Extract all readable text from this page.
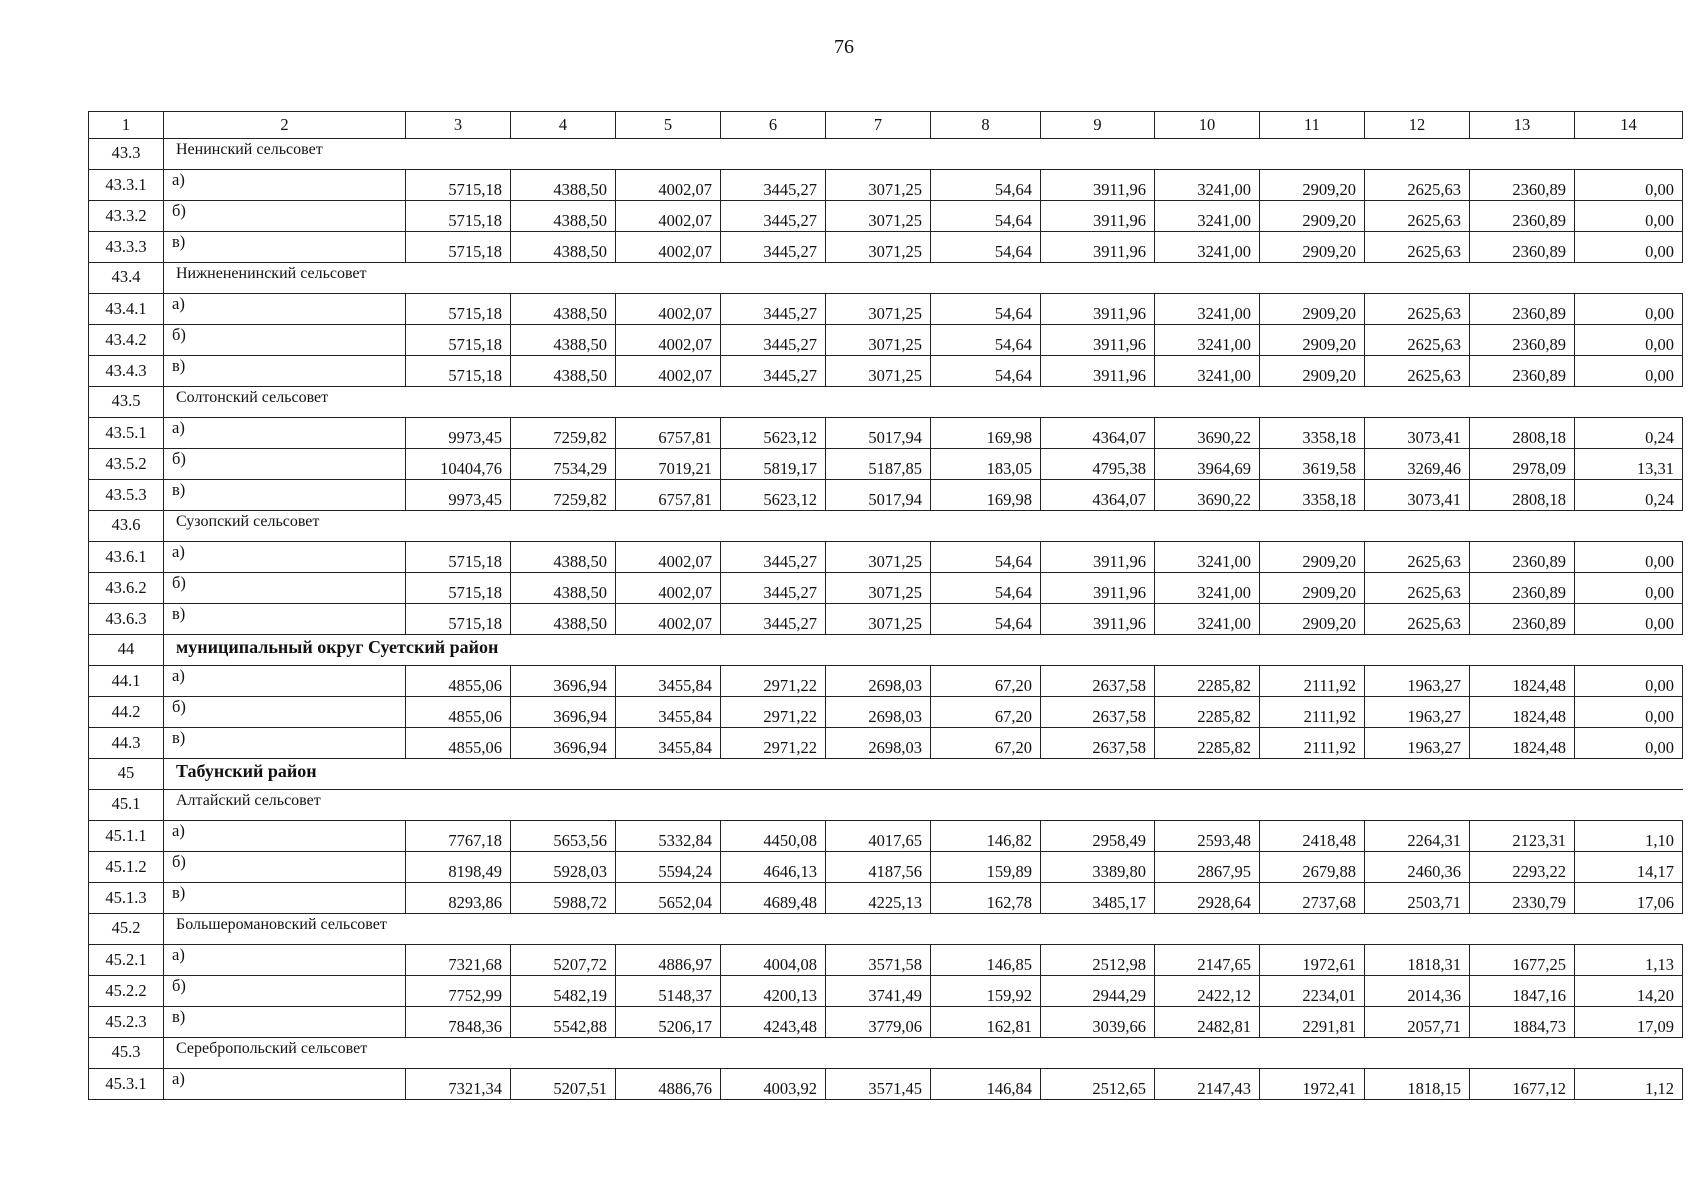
76
1	2	3	4	5	6	7	8	9	10	11	12	13	14
43.3	Ненинский сельсовет												
43.3.1	а)	5715,18	4388,50	4002,07	3445,27	3071,25	54,64	3911,96	3241,00	2909,20	2625,63	2360,89	0,00
43.3.2	б)	5715,18	4388,50	4002,07	3445,27	3071,25	54,64	3911,96	3241,00	2909,20	2625,63	2360,89	0,00
43.3.3	в)	5715,18	4388,50	4002,07	3445,27	3071,25	54,64	3911,96	3241,00	2909,20	2625,63	2360,89	0,00
43.4	Нижнененинский сельсовет												
43.4.1	а)	5715,18	4388,50	4002,07	3445,27	3071,25	54,64	3911,96	3241,00	2909,20	2625,63	2360,89	0,00
43.4.2	б)	5715,18	4388,50	4002,07	3445,27	3071,25	54,64	3911,96	3241,00	2909,20	2625,63	2360,89	0,00
43.4.3	в)	5715,18	4388,50	4002,07	3445,27	3071,25	54,64	3911,96	3241,00	2909,20	2625,63	2360,89	0,00
43.5	Солтонский сельсовет												
43.5.1	а)	9973,45	7259,82	6757,81	5623,12	5017,94	169,98	4364,07	3690,22	3358,18	3073,41	2808,18	0,24
43.5.2	б)	10404,76	7534,29	7019,21	5819,17	5187,85	183,05	4795,38	3964,69	3619,58	3269,46	2978,09	13,31
43.5.3	в)	9973,45	7259,82	6757,81	5623,12	5017,94	169,98	4364,07	3690,22	3358,18	3073,41	2808,18	0,24
43.6	Сузопский сельсовет												
43.6.1	а)	5715,18	4388,50	4002,07	3445,27	3071,25	54,64	3911,96	3241,00	2909,20	2625,63	2360,89	0,00
43.6.2	б)	5715,18	4388,50	4002,07	3445,27	3071,25	54,64	3911,96	3241,00	2909,20	2625,63	2360,89	0,00
43.6.3	в)	5715,18	4388,50	4002,07	3445,27	3071,25	54,64	3911,96	3241,00	2909,20	2625,63	2360,89	0,00
44	муниципальный округ Суетский район												
44.1	а)	4855,06	3696,94	3455,84	2971,22	2698,03	67,20	2637,58	2285,82	2111,92	1963,27	1824,48	0,00
44.2	б)	4855,06	3696,94	3455,84	2971,22	2698,03	67,20	2637,58	2285,82	2111,92	1963,27	1824,48	0,00
44.3	в)	4855,06	3696,94	3455,84	2971,22	2698,03	67,20	2637,58	2285,82	2111,92	1963,27	1824,48	0,00
45	Табунский район												
45.1	Алтайский сельсовет												
45.1.1	а)	7767,18	5653,56	5332,84	4450,08	4017,65	146,82	2958,49	2593,48	2418,48	2264,31	2123,31	1,10
45.1.2	б)	8198,49	5928,03	5594,24	4646,13	4187,56	159,89	3389,80	2867,95	2679,88	2460,36	2293,22	14,17
45.1.3	в)	8293,86	5988,72	5652,04	4689,48	4225,13	162,78	3485,17	2928,64	2737,68	2503,71	2330,79	17,06
45.2	Большеромановский сельсовет												
45.2.1	а)	7321,68	5207,72	4886,97	4004,08	3571,58	146,85	2512,98	2147,65	1972,61	1818,31	1677,25	1,13
45.2.2	б)	7752,99	5482,19	5148,37	4200,13	3741,49	159,92	2944,29	2422,12	2234,01	2014,36	1847,16	14,20
45.2.3	в)	7848,36	5542,88	5206,17	4243,48	3779,06	162,81	3039,66	2482,81	2291,81	2057,71	1884,73	17,09
45.3	Серебропольский сельсовет												
45.3.1	а)	7321,34	5207,51	4886,76	4003,92	3571,45	146,84	2512,65	2147,43	1972,41	1818,15	1677,12	1,12
